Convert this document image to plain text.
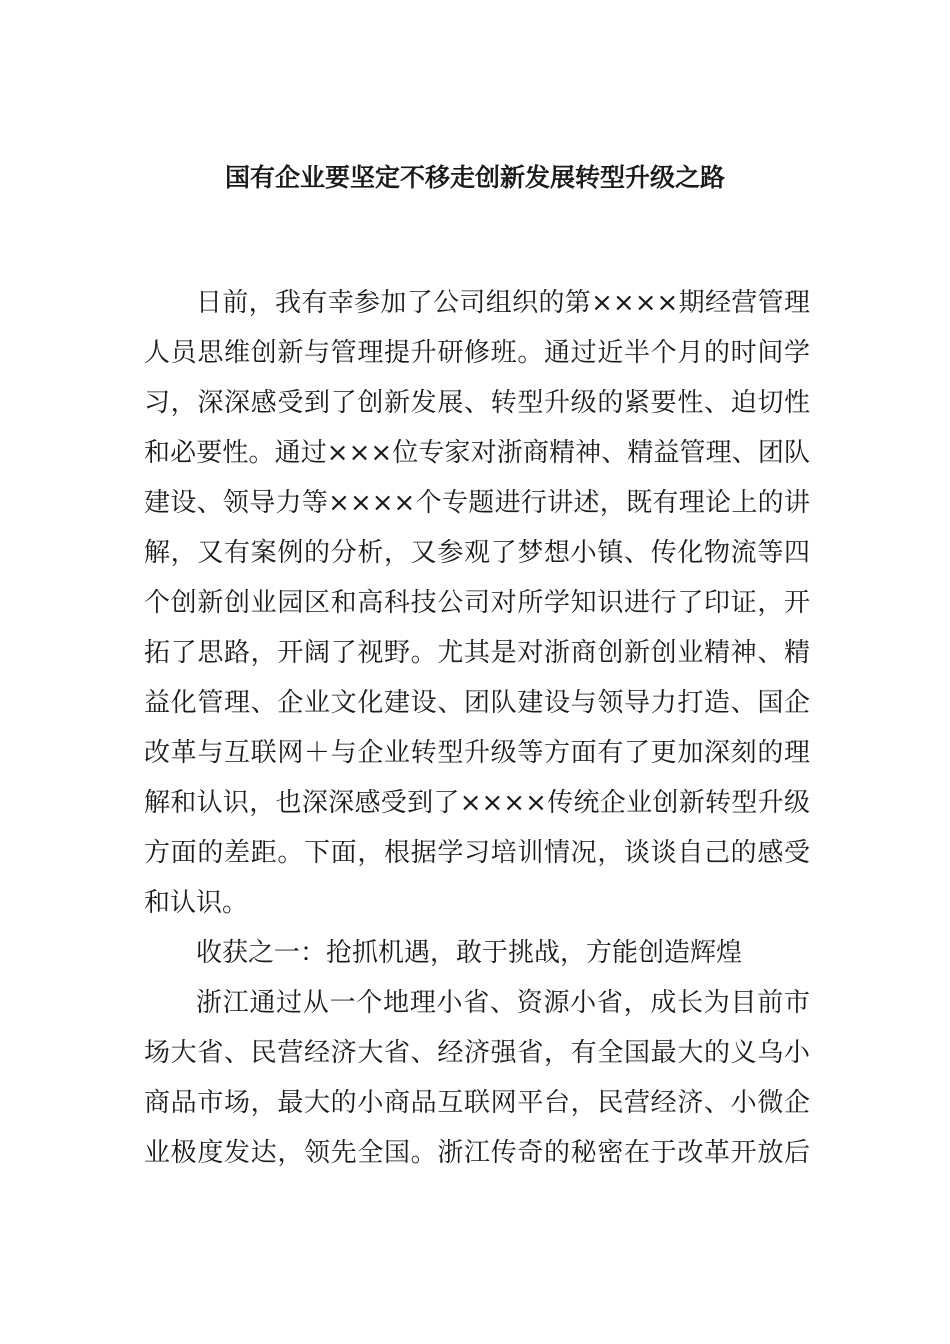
国有企业要坚定不移走创新发展转型升级之路

日前，我有幸参加了公司组织的第××××期经营管理人员思维创新与管理提升研修班。通过近半个月的时间学习，深深感受到了创新发展、转型升级的紧要性、迫切性和必要性。通过×××位专家对浙商精神、精益管理、团队建设、领导力等××××个专题进行讲述，既有理论上的讲解，又有案例的分析，又参观了梦想小镇、传化物流等四个创新创业园区和高科技公司对所学知识进行了印证，开拓了思路，开阔了视野。尤其是对浙商创新创业精神、精益化管理、企业文化建设、团队建设与领导力打造、国企改革与互联网＋与企业转型升级等方面有了更加深刻的理解和认识，也深深感受到了××××传统企业创新转型升级方面的差距。下面，根据学习培训情况，谈谈自己的感受和认识。

收获之一：抢抓机遇，敢于挑战，方能创造辉煌

浙江通过从一个地理小省、资源小省，成长为目前市场大省、民营经济大省、经济强省，有全国最大的义乌小商品市场，最大的小商品互联网平台，民营经济、小微企业极度发达，领先全国。浙江传奇的秘密在于改革开放后
